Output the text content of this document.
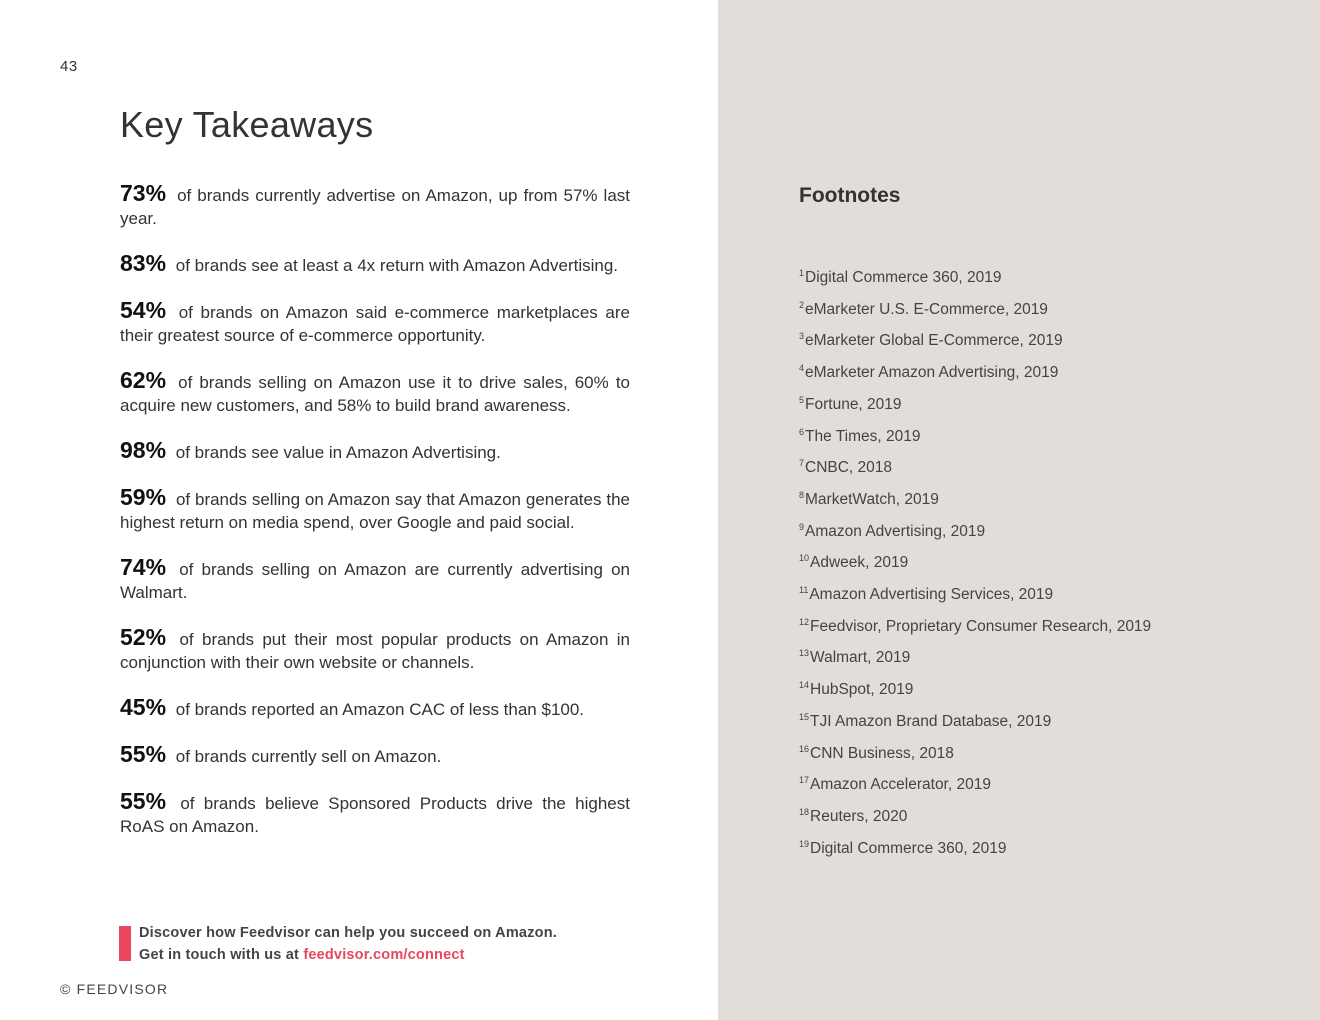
43
Key Takeaways

73% of brands currently advertise on Amazon, up from 57% last year.

83% of brands see at least a 4x return with Amazon Advertising.

54% of brands on Amazon said e-commerce marketplaces are their greatest source of e-commerce opportunity.

62% of brands selling on Amazon use it to drive sales, 60% to acquire new customers, and 58% to build brand awareness.

98% of brands see value in Amazon Advertising.

59% of brands selling on Amazon say that Amazon generates the highest return on media spend, over Google and paid social.

74% of brands selling on Amazon are currently advertising on Walmart.

52% of brands put their most popular products on Amazon in conjunction with their own website or channels.

45% of brands reported an Amazon CAC of less than $100.

55% of brands currently sell on Amazon.

55% of brands believe Sponsored Products drive the highest RoAS on Amazon.

Discover how Feedvisor can help you succeed on Amazon.
Get in touch with us at feedvisor.com/connect
© FEEDVISOR
Footnotes
$^1$Digital Commerce 360, 2019
$^2$eMarketer U.S. E-Commerce, 2019
$^3$eMarketer Global E-Commerce, 2019
$^4$eMarketer Amazon Advertising, 2019
$^5$Fortune, 2019
$^6$The Times, 2019
$^7$CNBC, 2018
$^8$MarketWatch, 2019
$^9$Amazon Advertising, 2019
$^{10}$Adweek, 2019
$^{11}$Amazon Advertising Services, 2019
$^{12}$Feedvisor, Proprietary Consumer Research, 2019
$^{13}$Walmart, 2019
$^{14}$HubSpot, 2019
$^{15}$TJI Amazon Brand Database, 2019
$^{16}$CNN Business, 2018
$^{17}$Amazon Accelerator, 2019
$^{18}$Reuters, 2020
$^{19}$Digital Commerce 360, 2019
